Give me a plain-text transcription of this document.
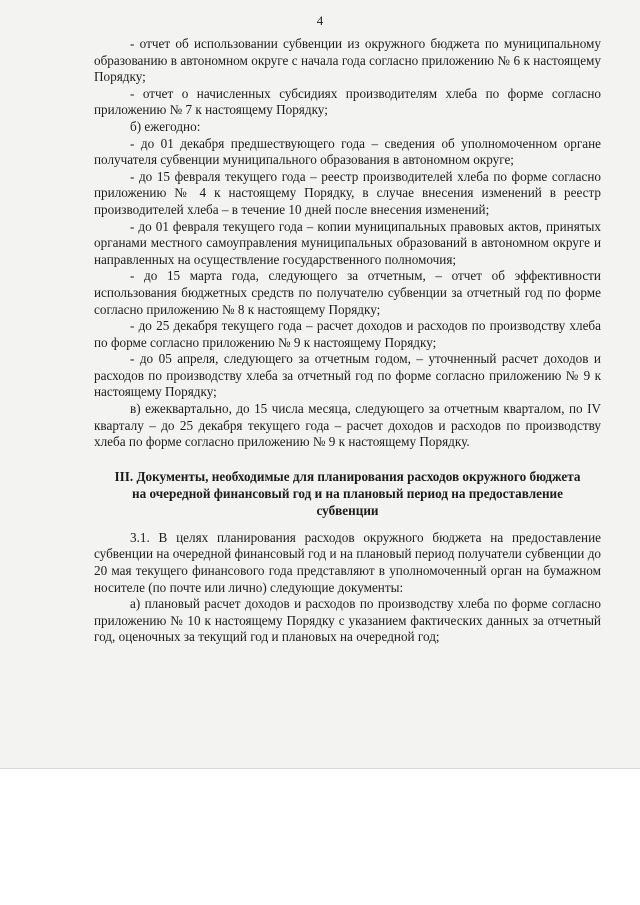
4

- отчет об использовании субвенции из окружного бюджета по муниципальному образованию в автономном округе с начала года согласно приложению № 6 к настоящему Порядку;

- отчет о начисленных субсидиях производителям хлеба по форме согласно приложению № 7 к настоящему Порядку;

б) ежегодно:

- до 01 декабря предшествующего года – сведения об уполномоченном органе получателя субвенции муниципального образования в автономном округе;

- до 15 февраля текущего года – реестр производителей хлеба по форме согласно приложению № 4 к настоящему Порядку, в случае внесения изменений в реестр производителей хлеба – в течение 10 дней после внесения изменений;

- до 01 февраля текущего года – копии муниципальных правовых актов, принятых органами местного самоуправления муниципальных образований в автономном округе и направленных на осуществление государственного полномочия;

- до 15 марта года, следующего за отчетным, – отчет об эффективности использования бюджетных средств по получателю субвенции за отчетный год по форме согласно приложению № 8 к настоящему Порядку;

- до 25 декабря текущего года – расчет доходов и расходов по производству хлеба по форме согласно приложению № 9 к настоящему Порядку;

- до 05 апреля, следующего за отчетным годом, – уточненный расчет доходов и расходов по производству хлеба за отчетный год по форме согласно приложению № 9 к настоящему Порядку;

в) ежеквартально, до 15 числа месяца, следующего за отчетным кварталом, по IV кварталу – до 25 декабря текущего года – расчет доходов и расходов по производству хлеба по форме согласно приложению № 9 к настоящему Порядку.

III. Документы, необходимые для планирования расходов окружного бюджета на очередной финансовый год и на плановый период на предоставление субвенции

3.1. В целях планирования расходов окружного бюджета на предоставление субвенции на очередной финансовый год и на плановый период получатели субвенции до 20 мая текущего финансового года представляют в уполномоченный орган на бумажном носителе (по почте или лично) следующие документы:

а) плановый расчет доходов и расходов по производству хлеба по форме согласно приложению № 10 к настоящему Порядку с указанием фактических данных за отчетный год, оценочных за текущий год и плановых на очередной год;
